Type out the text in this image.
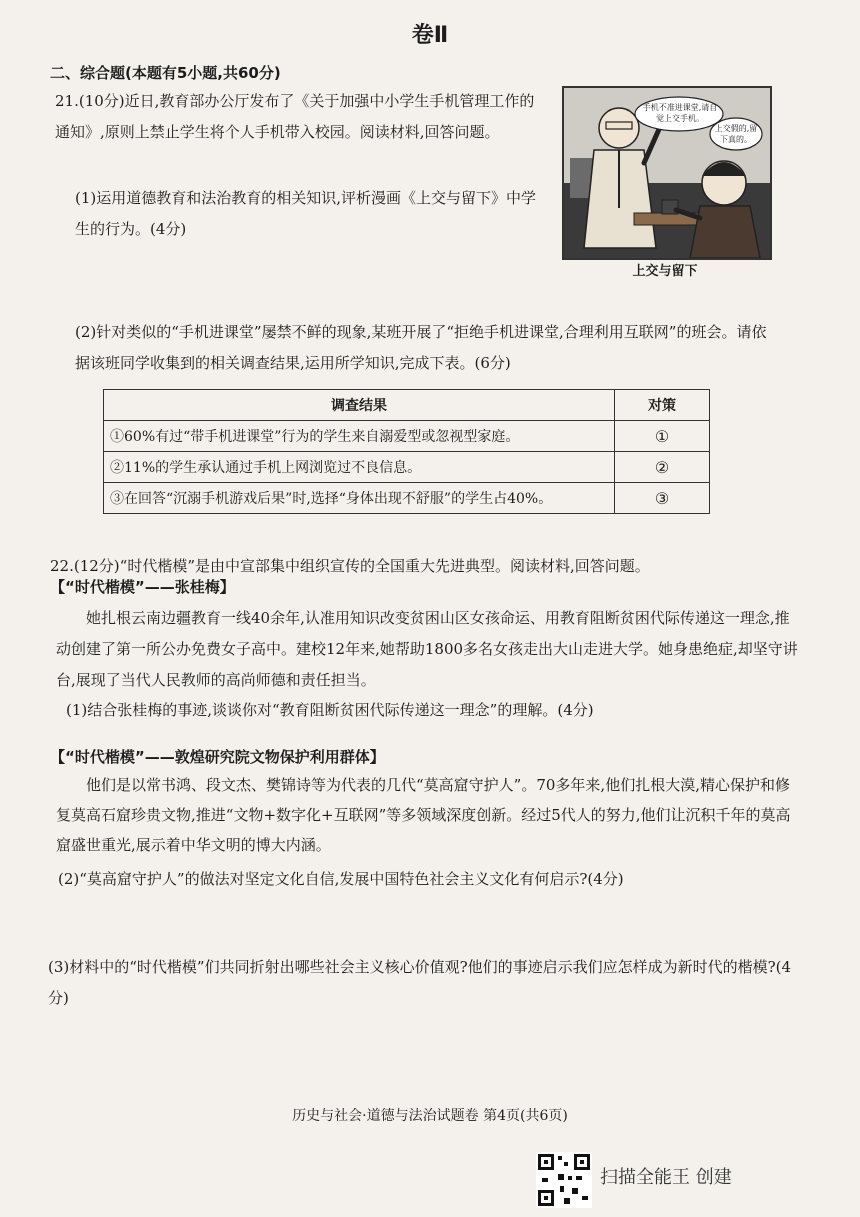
卷Ⅱ
二、综合题(本题有5小题,共60分)
21.(10分)近日,教育部办公厅发布了《关于加强中小学生手机管理工作的通知》,原则上禁止学生将个人手机带入校园。阅读材料,回答问题。
(1)运用道德教育和法治教育的相关知识,评析漫画《上交与留下》中学生的行为。(4分)
手机不准进课堂,请自觉上交手机。
上交假的,留下真的。
上交与留下
(2)针对类似的“手机进课堂”屡禁不鲜的现象,某班开展了“拒绝手机进课堂,合理利用互联网”的班会。请依据该班同学收集到的相关调查结果,运用所学知识,完成下表。(6分)
调查结果	对策
①60%有过“带手机进课堂”行为的学生来自溺爱型或忽视型家庭。	①
②11%的学生承认通过手机上网浏览过不良信息。	②
③在回答“沉溺手机游戏后果”时,选择“身体出现不舒服”的学生占40%。	③
22.(12分)“时代楷模”是由中宣部集中组织宣传的全国重大先进典型。阅读材料,回答问题。
【“时代楷模”——张桂梅】
她扎根云南边疆教育一线40余年,认准用知识改变贫困山区女孩命运、用教育阻断贫困代际传递这一理念,推动创建了第一所公办免费女子高中。建校12年来,她帮助1800多名女孩走出大山走进大学。她身患绝症,却坚守讲台,展现了当代人民教师的高尚师德和责任担当。
(1)结合张桂梅的事迹,谈谈你对“教育阻断贫困代际传递这一理念”的理解。(4分)
【“时代楷模”——敦煌研究院文物保护利用群体】
他们是以常书鸿、段文杰、樊锦诗等为代表的几代“莫高窟守护人”。70多年来,他们扎根大漠,精心保护和修复莫高石窟珍贵文物,推进“文物+数字化+互联网”等多领域深度创新。经过5代人的努力,他们让沉积千年的莫高窟盛世重光,展示着中华文明的博大内涵。
(2)“莫高窟守护人”的做法对坚定文化自信,发展中国特色社会主义文化有何启示?(4分)
(3)材料中的“时代楷模”们共同折射出哪些社会主义核心价值观?他们的事迹启示我们应怎样成为新时代的楷模?(4分)
历史与社会·道德与法治试题卷 第4页(共6页)
扫描全能王 创建
